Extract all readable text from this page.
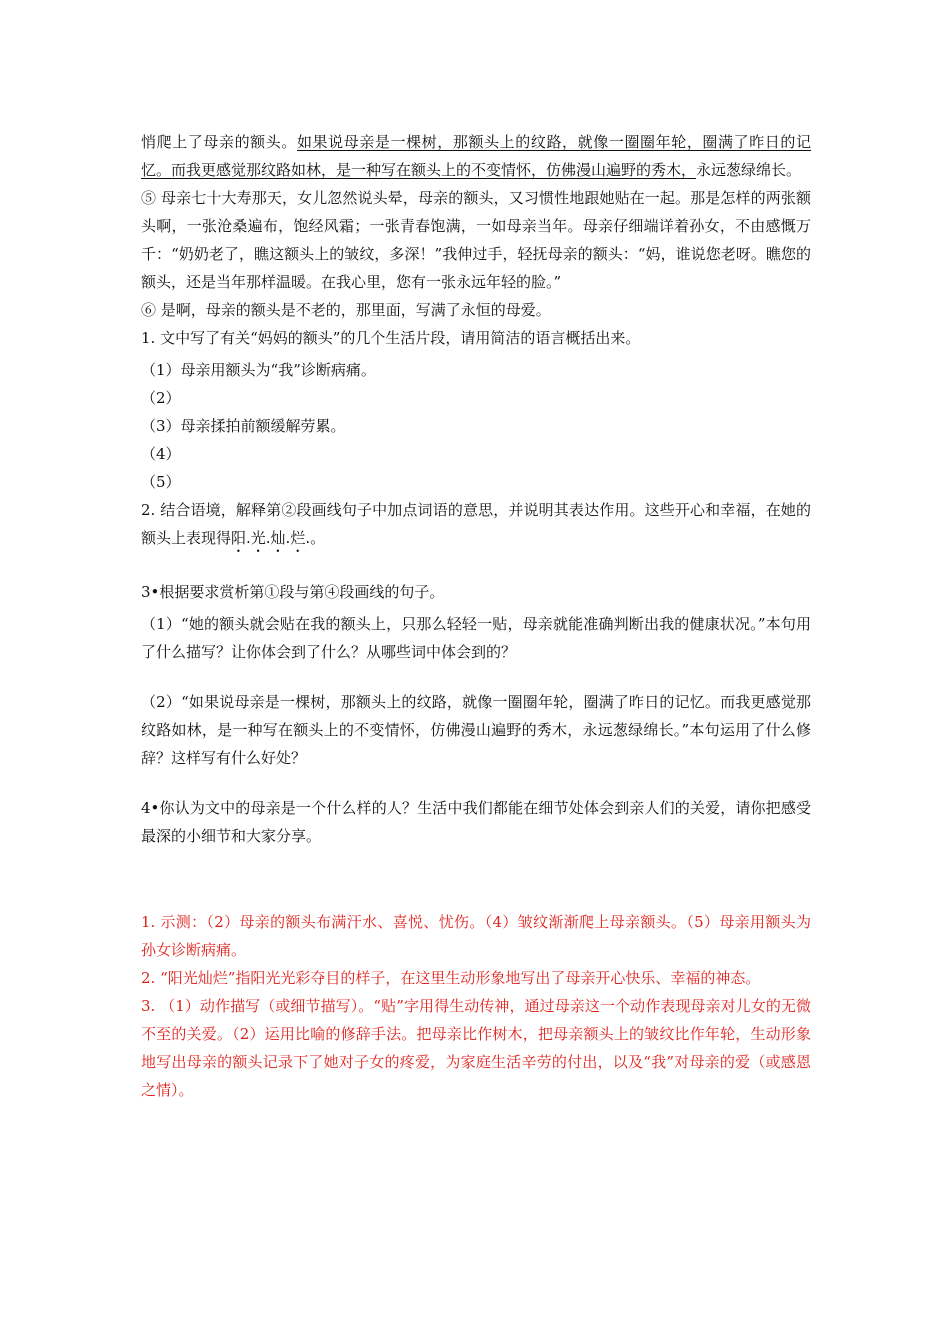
悄爬上了母亲的额头。如果说母亲是一棵树，那额头上的纹路，就像一圈圈年轮，圈满了昨日的记忆。而我更感觉那纹路如林，是一种写在额头上的不变情怀，仿佛漫山遍野的秀木，永远葱绿绵长。

⑤ 母亲七十大寿那天，女儿忽然说头晕，母亲的额头，又习惯性地跟她贴在一起。那是怎样的两张额头啊，一张沧桑遍布，饱经风霜；一张青春饱满，一如母亲当年。母亲仔细端详着孙女，不由感慨万千：“奶奶老了，瞧这额头上的皱纹，多深！”我伸过手，轻抚母亲的额头：“妈，谁说您老呀。瞧您的额头，还是当年那样温暖。在我心里，您有一张永远年轻的脸。”

⑥ 是啊，母亲的额头是不老的，那里面，写满了永恒的母爱。

1. 文中写了有关“妈妈的额头”的几个生活片段，请用简洁的语言概括出来。

（1）母亲用额头为“我”诊断病痛。

（2）

（3）母亲揉拍前额缓解劳累。

（4）

（5）

2. 结合语境，解释第②段画线句子中加点词语的意思，并说明其表达作用。这些开心和幸福，在她的额头上表现得阳.光.灿.烂.。

3•根据要求赏析第①段与第④段画线的句子。

（1）“她的额头就会贴在我的额头上，只那么轻轻一贴，母亲就能准确判断出我的健康状况。”本句用了什么描写？让你体会到了什么？从哪些词中体会到的？

（2）“如果说母亲是一棵树，那额头上的纹路，就像一圈圈年轮，圈满了昨日的记忆。而我更感觉那纹路如林，是一种写在额头上的不变情怀，仿佛漫山遍野的秀木，永远葱绿绵长。”本句运用了什么修辞？这样写有什么好处？

4•你认为文中的母亲是一个什么样的人？生活中我们都能在细节处体会到亲人们的关爱，请你把感受最深的小细节和大家分享。

1. 示测：（2）母亲的额头布满汗水、喜悦、忧伤。（4）皱纹渐渐爬上母亲额头。（5）母亲用额头为孙女诊断病痛。

2. “阳光灿烂”指阳光光彩夺目的样子，在这里生动形象地写出了母亲开心快乐、幸福的神态。

3. （1）动作描写（或细节描写）。“贴”字用得生动传神，通过母亲这一个动作表现母亲对儿女的无微不至的关爱。（2）运用比喻的修辞手法。把母亲比作树木，把母亲额头上的皱纹比作年轮，生动形象地写出母亲的额头记录下了她对子女的疼爱，为家庭生活辛劳的付出，以及“我”对母亲的爱（或感恩之情）。
